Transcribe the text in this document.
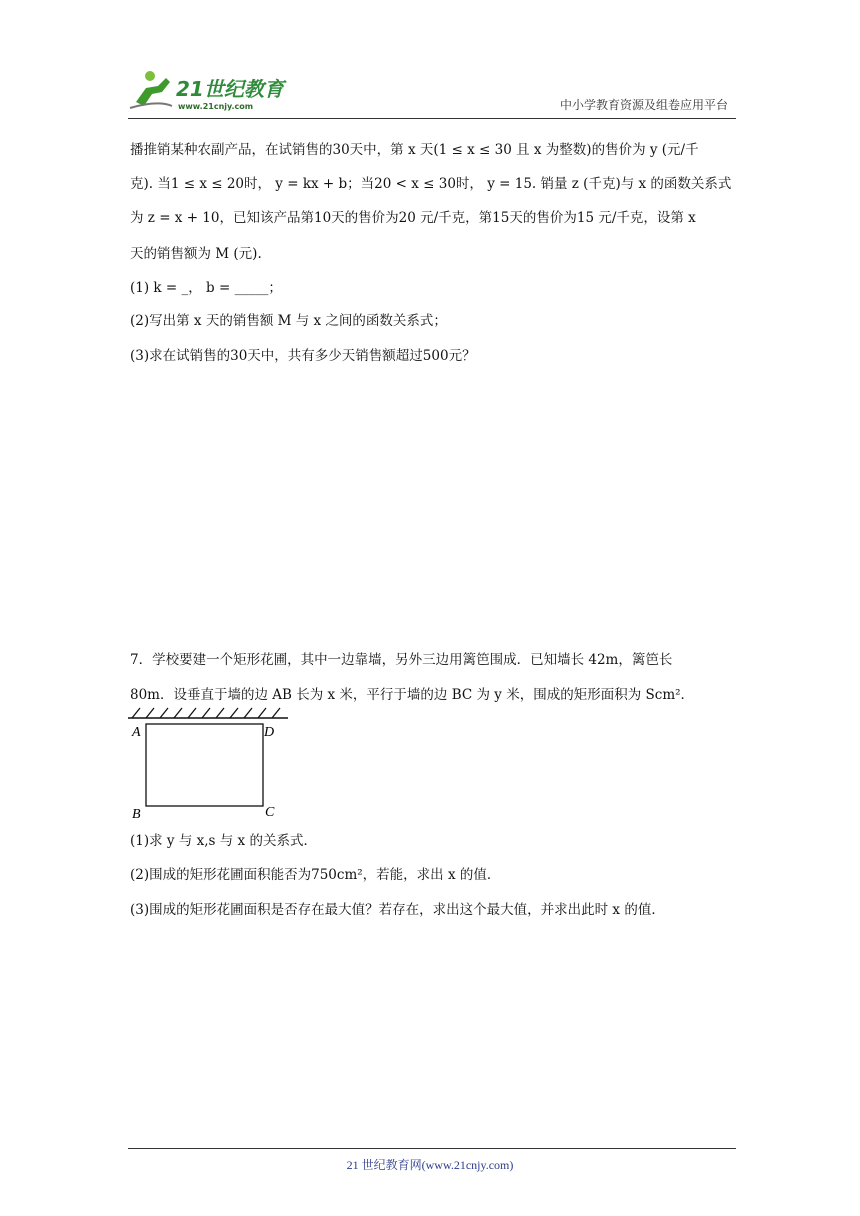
21世纪教育
www.21cnjy.com	中小学教育资源及组卷应用平台
播推销某种农副产品，在试销售的30天中，第 x 天(1 ≤ x ≤ 30 且 x 为整数)的售价为 y (元/千
克). 当1 ≤ x ≤ 20时， y = kx + b；当20 < x ≤ 30时， y = 15. 销量 z (千克)与 x 的函数关系式
为 z = x + 10，已知该产品第10天的售价为20 元/千克，第15天的售价为15 元/千克，设第 x
天的销售额为 M (元).
(1) k = _， b = _____；
(2)写出第 x 天的销售额 M 与 x 之间的函数关系式；
(3)求在试销售的30天中，共有多少天销售额超过500元？
7．学校要建一个矩形花圃，其中一边靠墙，另外三边用篱笆围成．已知墙长 42m，篱笆长
80m．设垂直于墙的边 AB 长为 x 米，平行于墙的边 BC 为 y 米，围成的矩形面积为 Scm²．
A	D
B	C
(1)求 y 与 x,s 与 x 的关系式．
(2)围成的矩形花圃面积能否为750cm²，若能，求出 x 的值．
(3)围成的矩形花圃面积是否存在最大值？若存在，求出这个最大值，并求出此时 x 的值．
21 世纪教育网(www.21cnjy.com)
